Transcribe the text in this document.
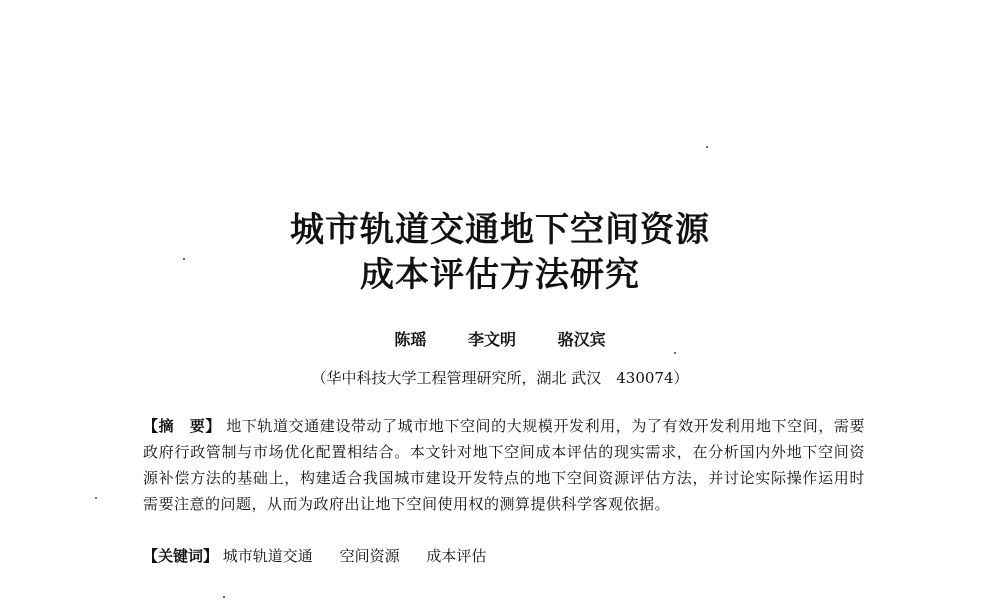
城市轨道交通地下空间资源
成本评估方法研究
陈瑶	李文明	骆汉宾
（华中科技大学工程管理研究所，湖北 武汉　430074）

【摘　要】 地下轨道交通建设带动了城市地下空间的大规模开发利用，为了有效开发利用地下空间，需要政府行政管制与市场优化配置相结合。本文针对地下空间成本评估的现实需求，在分析国内外地下空间资源补偿方法的基础上，构建适合我国城市建设开发特点的地下空间资源评估方法，并讨论实际操作运用时需要注意的问题，从而为政府出让地下空间使用权的测算提供科学客观依据。

【关键词】 城市轨道交通 空间资源 成本评估
